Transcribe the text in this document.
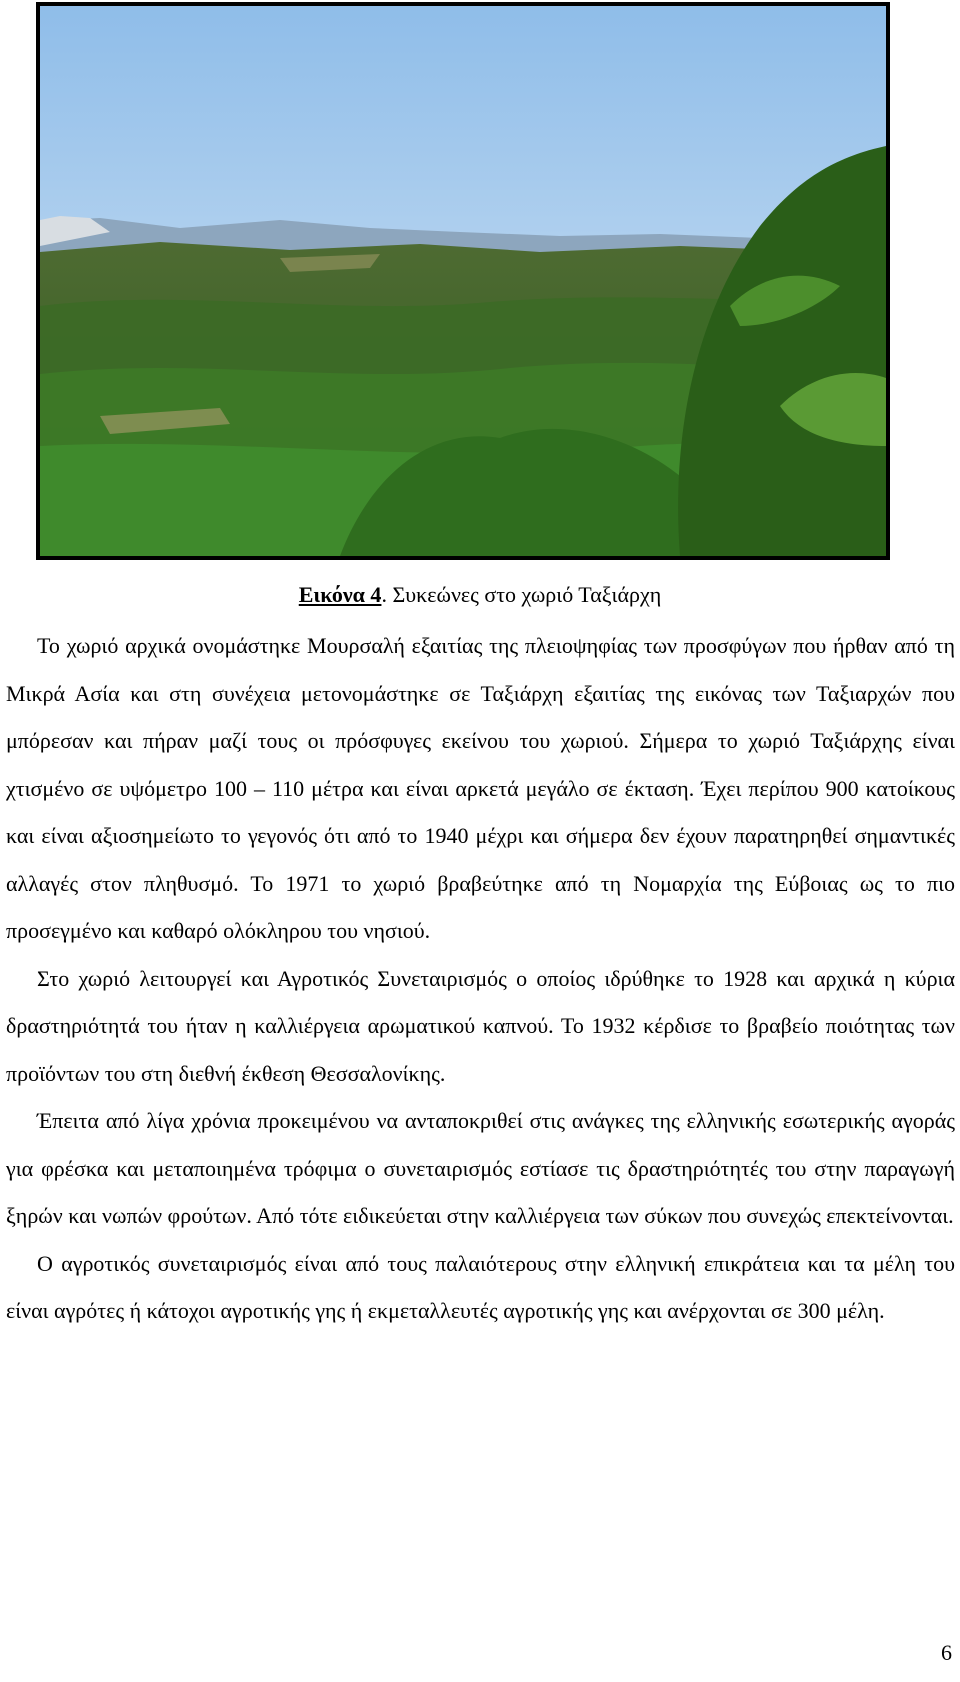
Εικόνα 4. Συκεώνες στο χωριό Ταξιάρχη

Το χωριό αρχικά ονομάστηκε Μουρσαλή εξαιτίας της πλειοψηφίας των προσφύγων που ήρθαν από τη Μικρά Ασία και στη συνέχεια μετονομάστηκε σε Ταξιάρχη εξαιτίας της εικόνας των Ταξιαρχών που μπόρεσαν και πήραν μαζί τους οι πρόσφυγες εκείνου του χωριού. Σήμερα το χωριό Ταξιάρχης είναι χτισμένο σε υψόμετρο 100 – 110 μέτρα και είναι αρκετά μεγάλο σε έκταση. Έχει περίπου 900 κατοίκους και είναι αξιοσημείωτο το γεγονός ότι από το 1940 μέχρι και σήμερα δεν έχουν παρατηρηθεί σημαντικές αλλαγές στον πληθυσμό. Το 1971 το χωριό βραβεύτηκε από τη Νομαρχία της Εύβοιας ως το πιο προσεγμένο και καθαρό ολόκληρου του νησιού.

Στο χωριό λειτουργεί και Αγροτικός Συνεταιρισμός ο οποίος ιδρύθηκε το 1928 και αρχικά η κύρια δραστηριότητά του ήταν η καλλιέργεια αρωματικού καπνού. Το 1932 κέρδισε το βραβείο ποιότητας των προϊόντων του στη διεθνή έκθεση Θεσσαλονίκης.

Έπειτα από λίγα χρόνια προκειμένου να ανταποκριθεί στις ανάγκες της ελληνικής εσωτερικής αγοράς για φρέσκα και μεταποιημένα τρόφιμα ο συνεταιρισμός εστίασε τις δραστηριότητές του στην παραγωγή ξηρών και νωπών φρούτων. Από τότε ειδικεύεται στην καλλιέργεια των σύκων που συνεχώς επεκτείνονται.

Ο αγροτικός συνεταιρισμός είναι από τους παλαιότερους στην ελληνική επικράτεια και τα μέλη του είναι αγρότες ή κάτοχοι αγροτικής γης ή εκμεταλλευτές αγροτικής γης και ανέρχονται σε 300 μέλη.

6
